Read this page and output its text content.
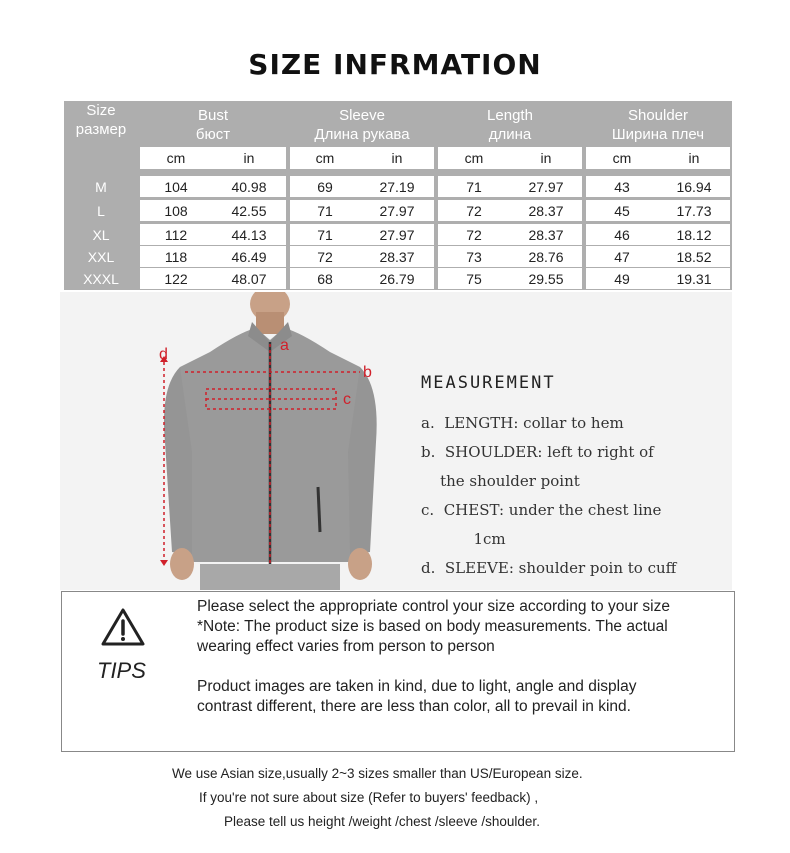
SIZE INFRMATION
Size
размер
Bust
бюст
cm	in
Sleeve
Длина рукава
cm	in
Length
длина
cm	in
Shoulder
Ширина плеч
cm	in
M	104	40.98	69	27.19	71	27.97	43	16.94
L	108	42.55	71	27.97	72	28.37	45	17.73
XL	112	44.13	71	27.97	72	28.37	46	18.12
XXL	118	46.49	72	28.37	73	28.76	47	18.52
XXXL	122	48.07	68	26.79	75	29.55	49	19.31
a
b
c
d
MEASUREMENT
a.  LENGTH: collar to hem
b.  SHOULDER: left to right of
the shoulder point
c.  CHEST: under the chest line
1cm
d.  SLEEVE: shoulder poin to cuff
TIPS
Please select the appropriate control your size according to your size
*Note: The product size is based on body measurements. The actual
wearing effect varies from person to person
Product images are taken in kind, due to light, angle and display
contrast different, there are less than color, all to prevail in kind.
We use Asian size,usually 2~3 sizes smaller than US/European size.
If you're not sure about size (Refer to buyers' feedback) ,
Please tell us height /weight /chest /sleeve /shoulder.
